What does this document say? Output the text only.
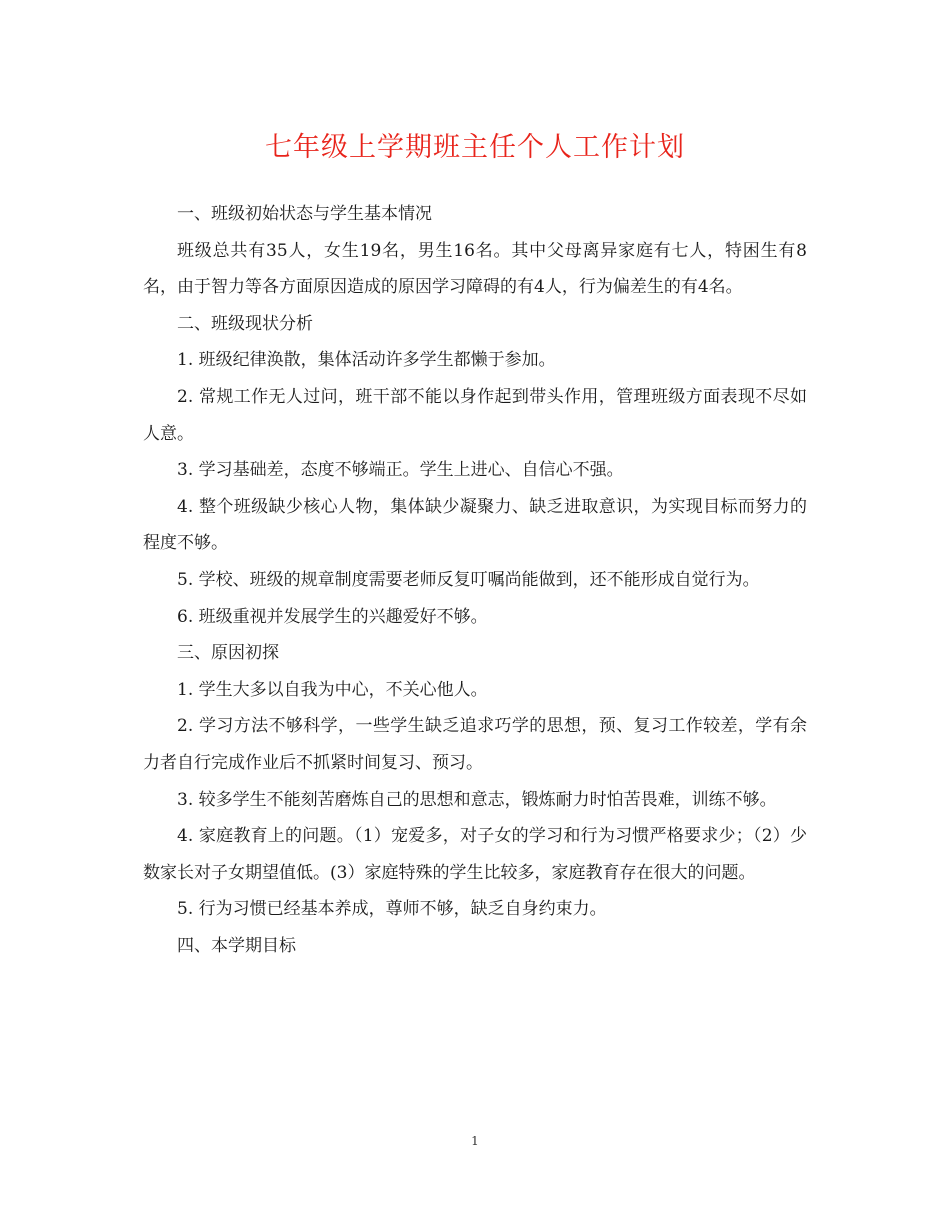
七年级上学期班主任个人工作计划

一、班级初始状态与学生基本情况

班级总共有35人，女生19名，男生16名。其中父母离异家庭有七人，特困生有8名，由于智力等各方面原因造成的原因学习障碍的有4人，行为偏差生的有4名。

二、班级现状分析

1. 班级纪律涣散，集体活动许多学生都懒于参加。

2. 常规工作无人过问，班干部不能以身作起到带头作用，管理班级方面表现不尽如人意。

3. 学习基础差，态度不够端正。学生上进心、自信心不强。

4. 整个班级缺少核心人物，集体缺少凝聚力、缺乏进取意识，为实现目标而努力的程度不够。

5. 学校、班级的规章制度需要老师反复叮嘱尚能做到，还不能形成自觉行为。

6. 班级重视并发展学生的兴趣爱好不够。

三、原因初探

1. 学生大多以自我为中心，不关心他人。

2. 学习方法不够科学，一些学生缺乏追求巧学的思想，预、复习工作较差，学有余力者自行完成作业后不抓紧时间复习、预习。

3. 较多学生不能刻苦磨炼自己的思想和意志，锻炼耐力时怕苦畏难，训练不够。

4. 家庭教育上的问题。（1）宠爱多，对子女的学习和行为习惯严格要求少；（2）少数家长对子女期望值低。(3）家庭特殊的学生比较多，家庭教育存在很大的问题。

5. 行为习惯已经基本养成，尊师不够，缺乏自身约束力。

四、本学期目标

1
